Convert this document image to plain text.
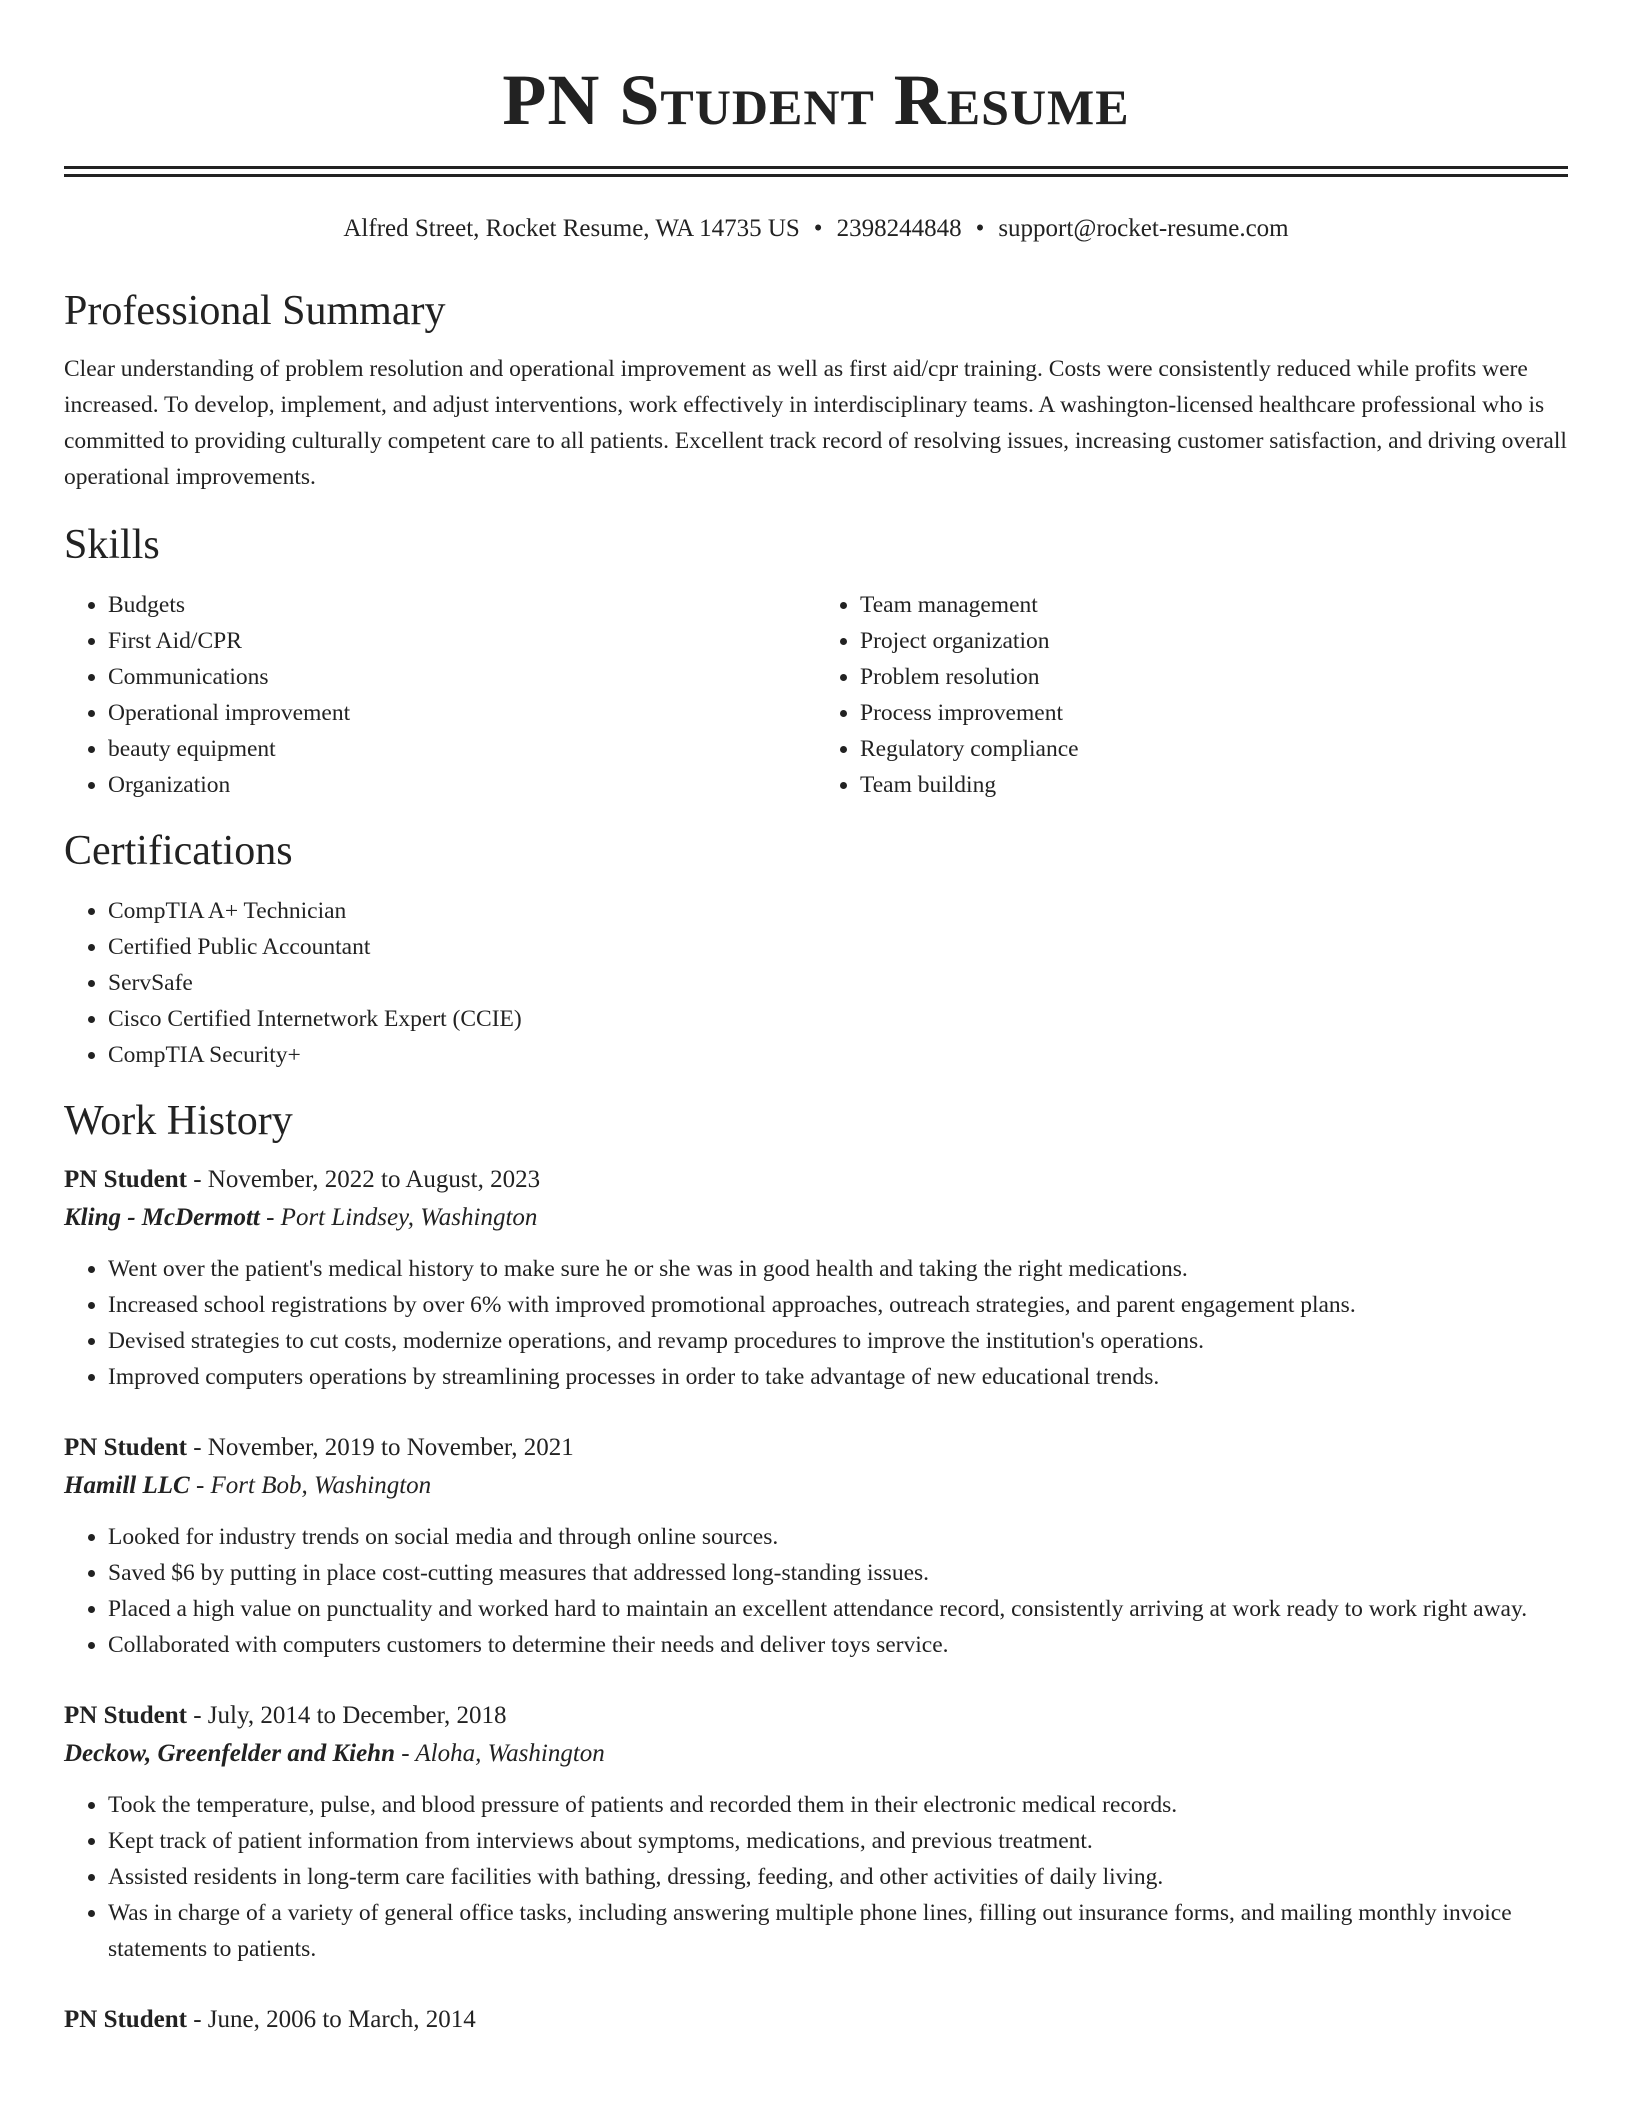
PN Student Resume
Alfred Street, Rocket Resume, WA 14735 US • 2398244848 • support@rocket-resume.com
Professional Summary

Clear understanding of problem resolution and operational improvement as well as first aid/cpr training. Costs were consistently reduced while profits were increased. To develop, implement, and adjust interventions, work effectively in interdisciplinary teams. A washington-licensed healthcare professional who is committed to providing culturally competent care to all patients. Excellent track record of resolving issues, increasing customer satisfaction, and driving overall operational improvements.

Skills
• Budgets
• First Aid/CPR
• Communications
• Operational improvement
• beauty equipment
• Organization
• Team management
• Project organization
• Problem resolution
• Process improvement
• Regulatory compliance
• Team building
Certifications
• CompTIA A+ Technician
• Certified Public Accountant
• ServSafe
• Cisco Certified Internetwork Expert (CCIE)
• CompTIA Security+
Work History
PN Student - November, 2022 to August, 2023
Kling - McDermott - Port Lindsey, Washington
• Went over the patient's medical history to make sure he or she was in good health and taking the right medications.
• Increased school registrations by over 6% with improved promotional approaches, outreach strategies, and parent engagement plans.
• Devised strategies to cut costs, modernize operations, and revamp procedures to improve the institution's operations.
• Improved computers operations by streamlining processes in order to take advantage of new educational trends.
PN Student - November, 2019 to November, 2021
Hamill LLC - Fort Bob, Washington
• Looked for industry trends on social media and through online sources.
• Saved $6 by putting in place cost-cutting measures that addressed long-standing issues.
• Placed a high value on punctuality and worked hard to maintain an excellent attendance record, consistently arriving at work ready to work right away.
• Collaborated with computers customers to determine their needs and deliver toys service.
PN Student - July, 2014 to December, 2018
Deckow, Greenfelder and Kiehn - Aloha, Washington
• Took the temperature, pulse, and blood pressure of patients and recorded them in their electronic medical records.
• Kept track of patient information from interviews about symptoms, medications, and previous treatment.
• Assisted residents in long-term care facilities with bathing, dressing, feeding, and other activities of daily living.
• Was in charge of a variety of general office tasks, including answering multiple phone lines, filling out insurance forms, and mailing monthly invoice statements to patients.
PN Student - June, 2006 to March, 2014
